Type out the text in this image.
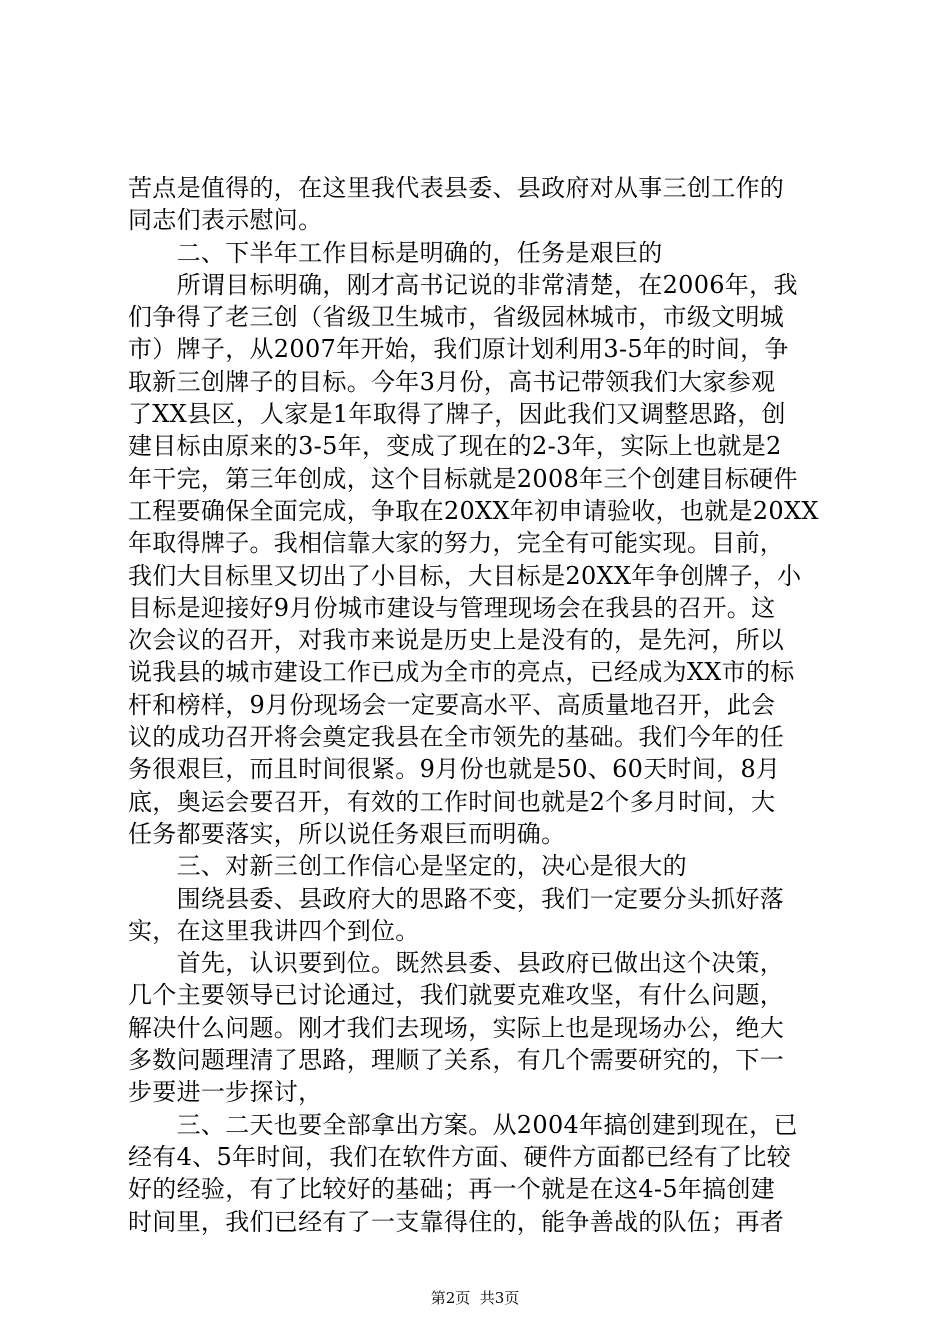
苦点是值得的，在这里我代表县委、县政府对从事三创工作的
同志们表示慰问。
　　二、下半年工作目标是明确的，任务是艰巨的
　　所谓目标明确，刚才高书记说的非常清楚，在2006年，我
们争得了老三创（省级卫生城市，省级园林城市，市级文明城
市）牌子，从2007年开始，我们原计划利用3-5年的时间，争
取新三创牌子的目标。今年3月份，高书记带领我们大家参观
了XX县区，人家是1年取得了牌子，因此我们又调整思路，创
建目标由原来的3-5年，变成了现在的2-3年，实际上也就是2
年干完，第三年创成，这个目标就是2008年三个创建目标硬件
工程要确保全面完成，争取在20XX年初申请验收，也就是20XX
年取得牌子。我相信靠大家的努力，完全有可能实现。目前，
我们大目标里又切出了小目标，大目标是20XX年争创牌子，小
目标是迎接好9月份城市建设与管理现场会在我县的召开。这
次会议的召开，对我市来说是历史上是没有的，是先河，所以
说我县的城市建设工作已成为全市的亮点，已经成为XX市的标
杆和榜样，9月份现场会一定要高水平、高质量地召开，此会
议的成功召开将会奠定我县在全市领先的基础。我们今年的任
务很艰巨，而且时间很紧。9月份也就是50、60天时间，8月
底，奥运会要召开，有效的工作时间也就是2个多月时间，大
任务都要落实，所以说任务艰巨而明确。
　　三、对新三创工作信心是坚定的，决心是很大的
　　围绕县委、县政府大的思路不变，我们一定要分头抓好落
实，在这里我讲四个到位。
　　首先，认识要到位。既然县委、县政府已做出这个决策，
几个主要领导已讨论通过，我们就要克难攻坚，有什么问题，
解决什么问题。刚才我们去现场，实际上也是现场办公，绝大
多数问题理清了思路，理顺了关系，有几个需要研究的，下一
步要进一步探讨，
　　三、二天也要全部拿出方案。从2004年搞创建到现在，已
经有4、5年时间，我们在软件方面、硬件方面都已经有了比较
好的经验，有了比较好的基础；再一个就是在这4-5年搞创建
时间里，我们已经有了一支靠得住的，能争善战的队伍；再者
第2页  共3页
